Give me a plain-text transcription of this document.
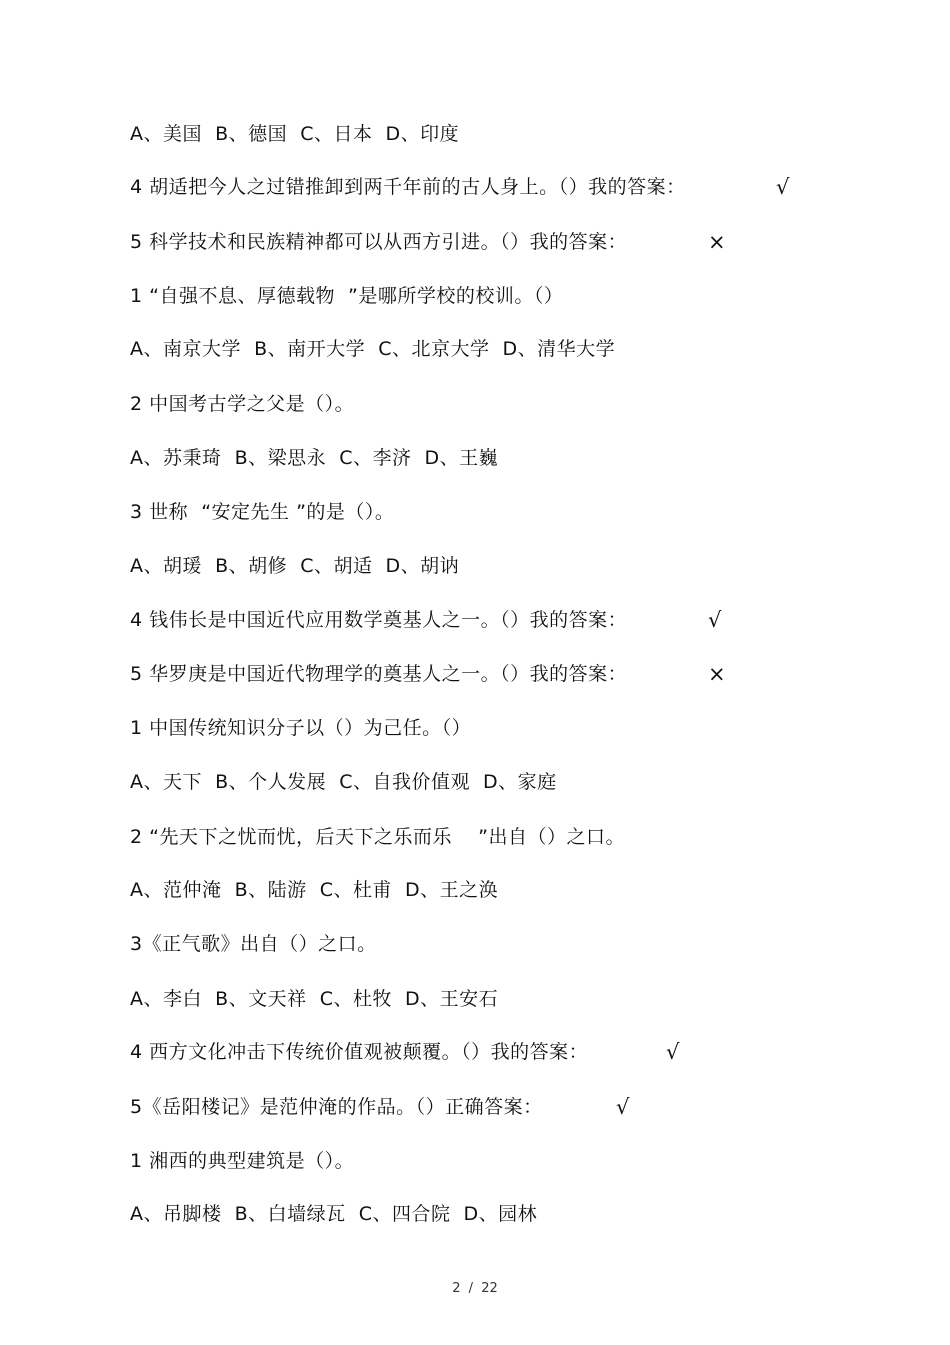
A、美国  B、德国  C、日本  D、印度
4 胡适把今人之过错推卸到两千年前的古人身上。（）我的答案：	√
5 科学技术和民族精神都可以从西方引进。（）我的答案：	×
1 “自强不息、厚德载物  ”是哪所学校的校训。（）
A、南京大学  B、南开大学  C、北京大学  D、清华大学
2 中国考古学之父是（）。
A、苏秉琦  B、梁思永  C、李济  D、王巍
3 世称  “安定先生 ”的是（）。
A、胡瑗  B、胡修  C、胡适  D、胡讷
4 钱伟长是中国近代应用数学奠基人之一。（）我的答案：	√
5 华罗庚是中国近代物理学的奠基人之一。（）我的答案：	×
1 中国传统知识分子以（）为己任。（）
A、天下  B、个人发展  C、自我价值观  D、家庭
2 “先天下之忧而忧，后天下之乐而乐    ”出自（）之口。
A、范仲淹  B、陆游  C、杜甫  D、王之涣
3《正气歌》出自（）之口。
A、李白  B、文天祥  C、杜牧  D、王安石
4 西方文化冲击下传统价值观被颠覆。（）我的答案：	√
5《岳阳楼记》是范仲淹的作品。（）正确答案：	√
1 湘西的典型建筑是（）。
A、吊脚楼  B、白墙绿瓦  C、四合院  D、园林
2 / 22
